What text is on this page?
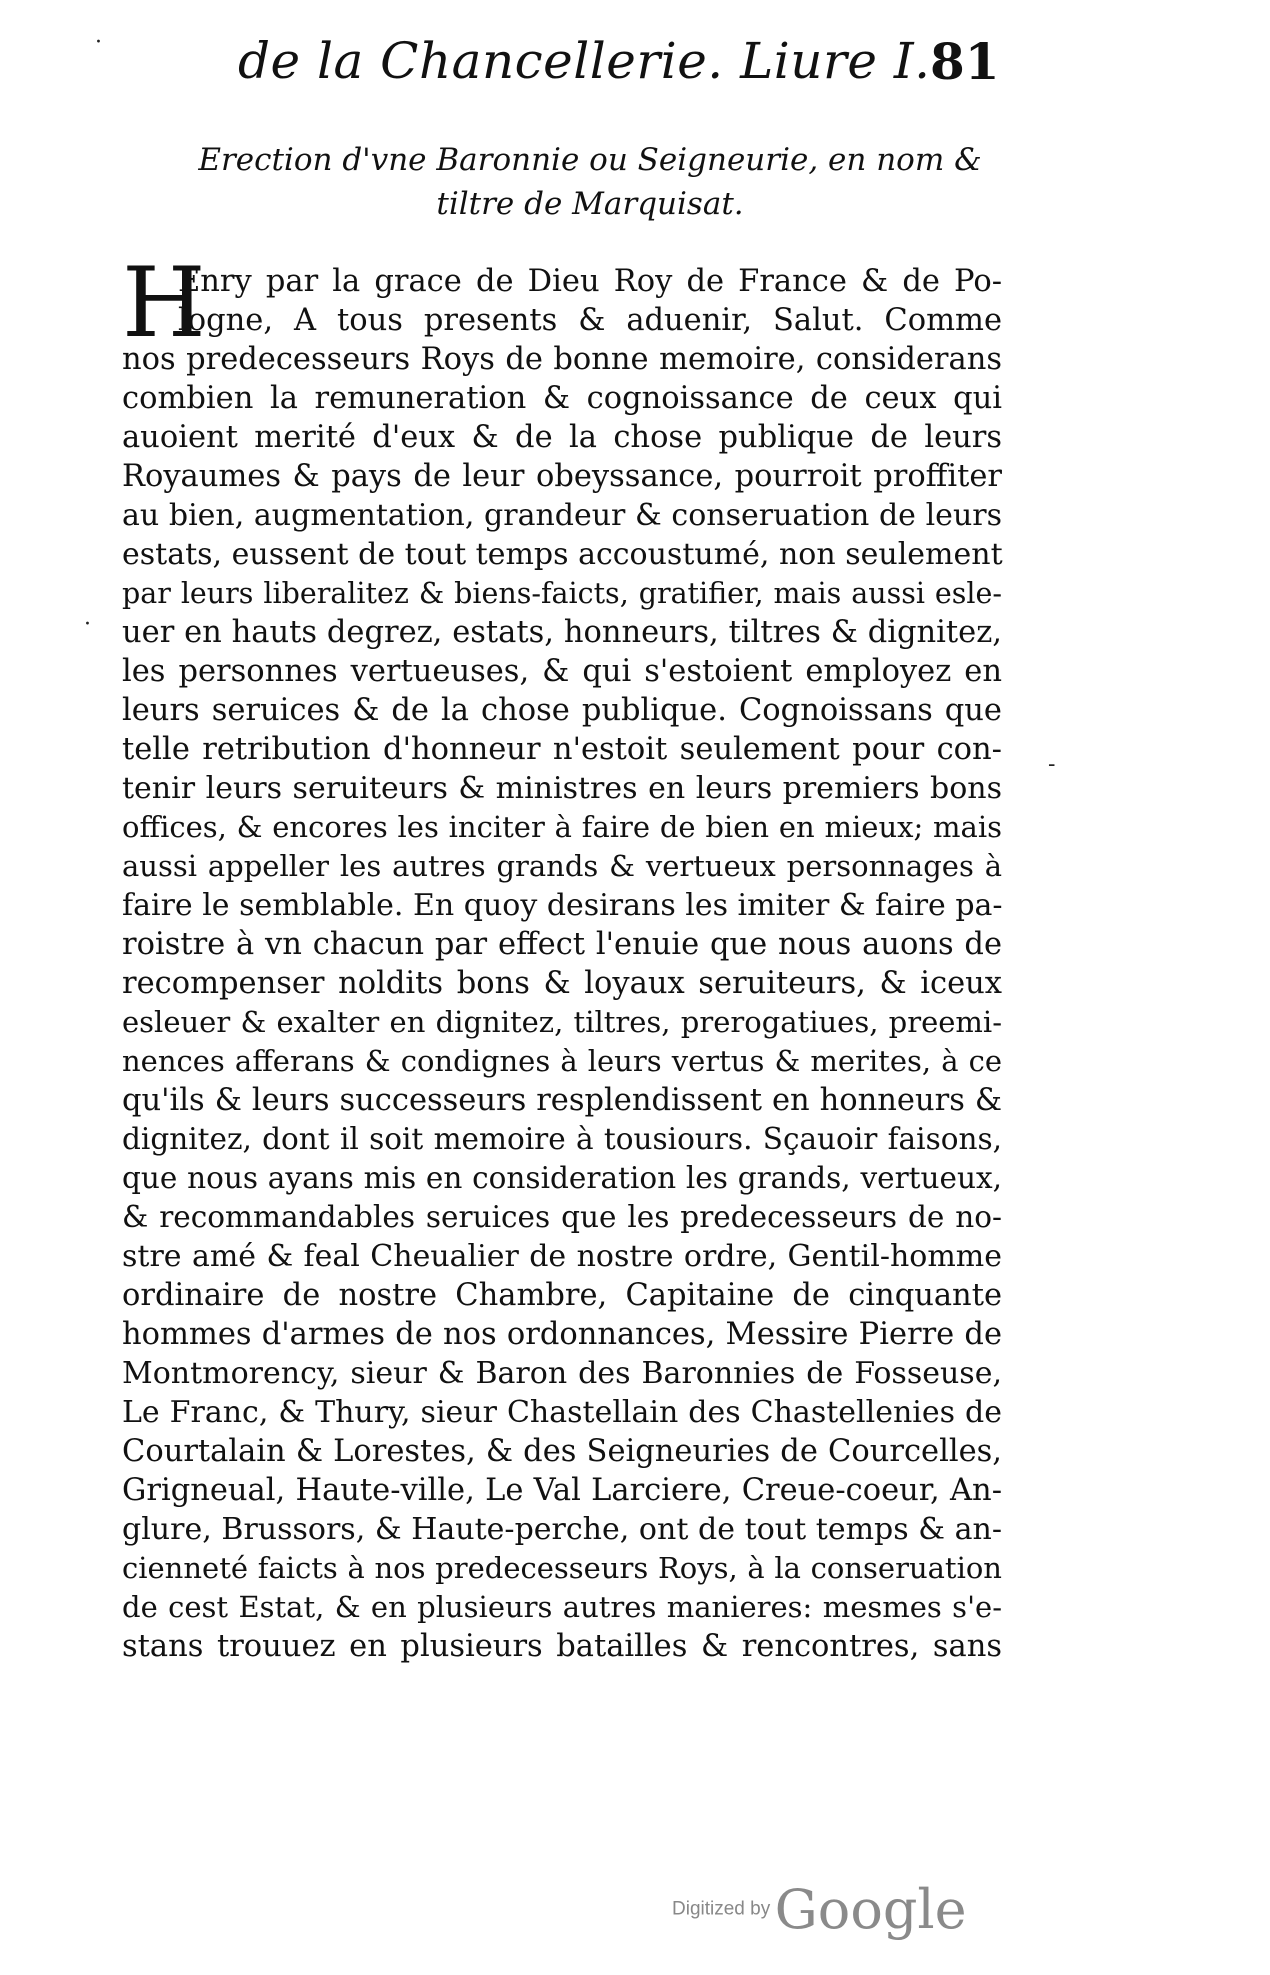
de la Chancellerie. Liure I. 81
Erection d'vne Baronnie ou Seigneurie, en nom &
tiltre de Marquisat.
H
Enry par la grace de Dieu Roy de France & de Po-
logne, A tous presents & aduenir, Salut. Comme
nos predecesseurs Roys de bonne memoire, considerans
combien la remuneration & cognoissance de ceux qui
auoient merité d'eux & de la chose publique de leurs
Royaumes & pays de leur obeyssance, pourroit proffiter
au bien, augmentation, grandeur & conseruation de leurs
estats, eussent de tout temps accoustumé, non seulement
par leurs liberalitez & biens-faicts, gratifier, mais aussi esle-
uer en hauts degrez, estats, honneurs, tiltres & dignitez,
les personnes vertueuses, & qui s'estoient employez en
leurs seruices & de la chose publique. Cognoissans que
telle retribution d'honneur n'estoit seulement pour con-
tenir leurs seruiteurs & ministres en leurs premiers bons
offices, & encores les inciter à faire de bien en mieux; mais
aussi appeller les autres grands & vertueux personnages à
faire le semblable. En quoy desirans les imiter & faire pa-
roistre à vn chacun par effect l'enuie que nous auons de
recompenser noldits bons & loyaux seruiteurs, & iceux
esleuer & exalter en dignitez, tiltres, prerogatiues, preemi-
nences afferans & condignes à leurs vertus & merites, à ce
qu'ils & leurs successeurs resplendissent en honneurs &
dignitez, dont il soit memoire à tousiours. Sçauoir faisons,
que nous ayans mis en consideration les grands, vertueux,
& recommandables seruices que les predecesseurs de no-
stre amé & feal Cheualier de nostre ordre, Gentil-homme
ordinaire de nostre Chambre, Capitaine de cinquante
hommes d'armes de nos ordonnances, Messire Pierre de
Montmorency, sieur & Baron des Baronnies de Fosseuse,
Le Franc, & Thury, sieur Chastellain des Chastellenies de
Courtalain & Lorestes, & des Seigneuries de Courcelles,
Grigneual, Haute-ville, Le Val Larciere, Creue-coeur, An-
glure, Brussors, & Haute-perche, ont de tout temps & an-
cienneté faicts à nos predecesseurs Roys, à la conseruation
de cest Estat, & en plusieurs autres manieres: mesmes s'e-
stans trouuez en plusieurs batailles & rencontres, sans
·
-
·
Digitized by Google
